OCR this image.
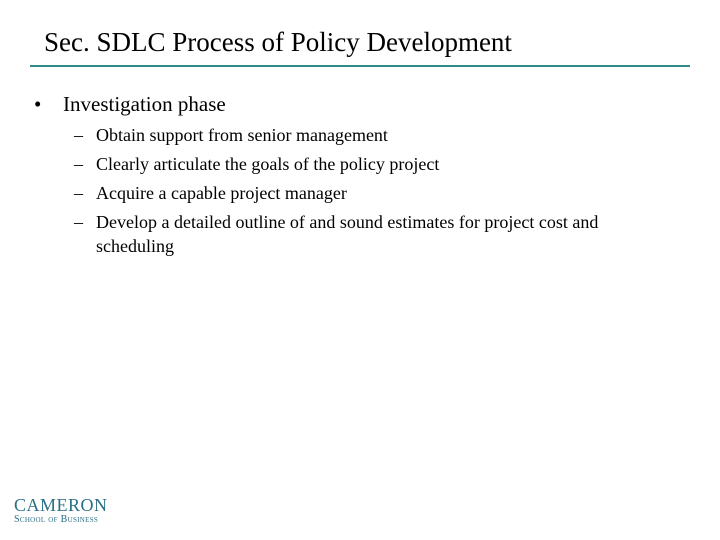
Sec. SDLC Process of Policy Development
• Investigation phase
– Obtain support from senior management
– Clearly articulate the goals of the policy project
– Acquire a capable project manager
– Develop a detailed outline of and sound estimates for project cost and scheduling
CAMERON
School of Business
